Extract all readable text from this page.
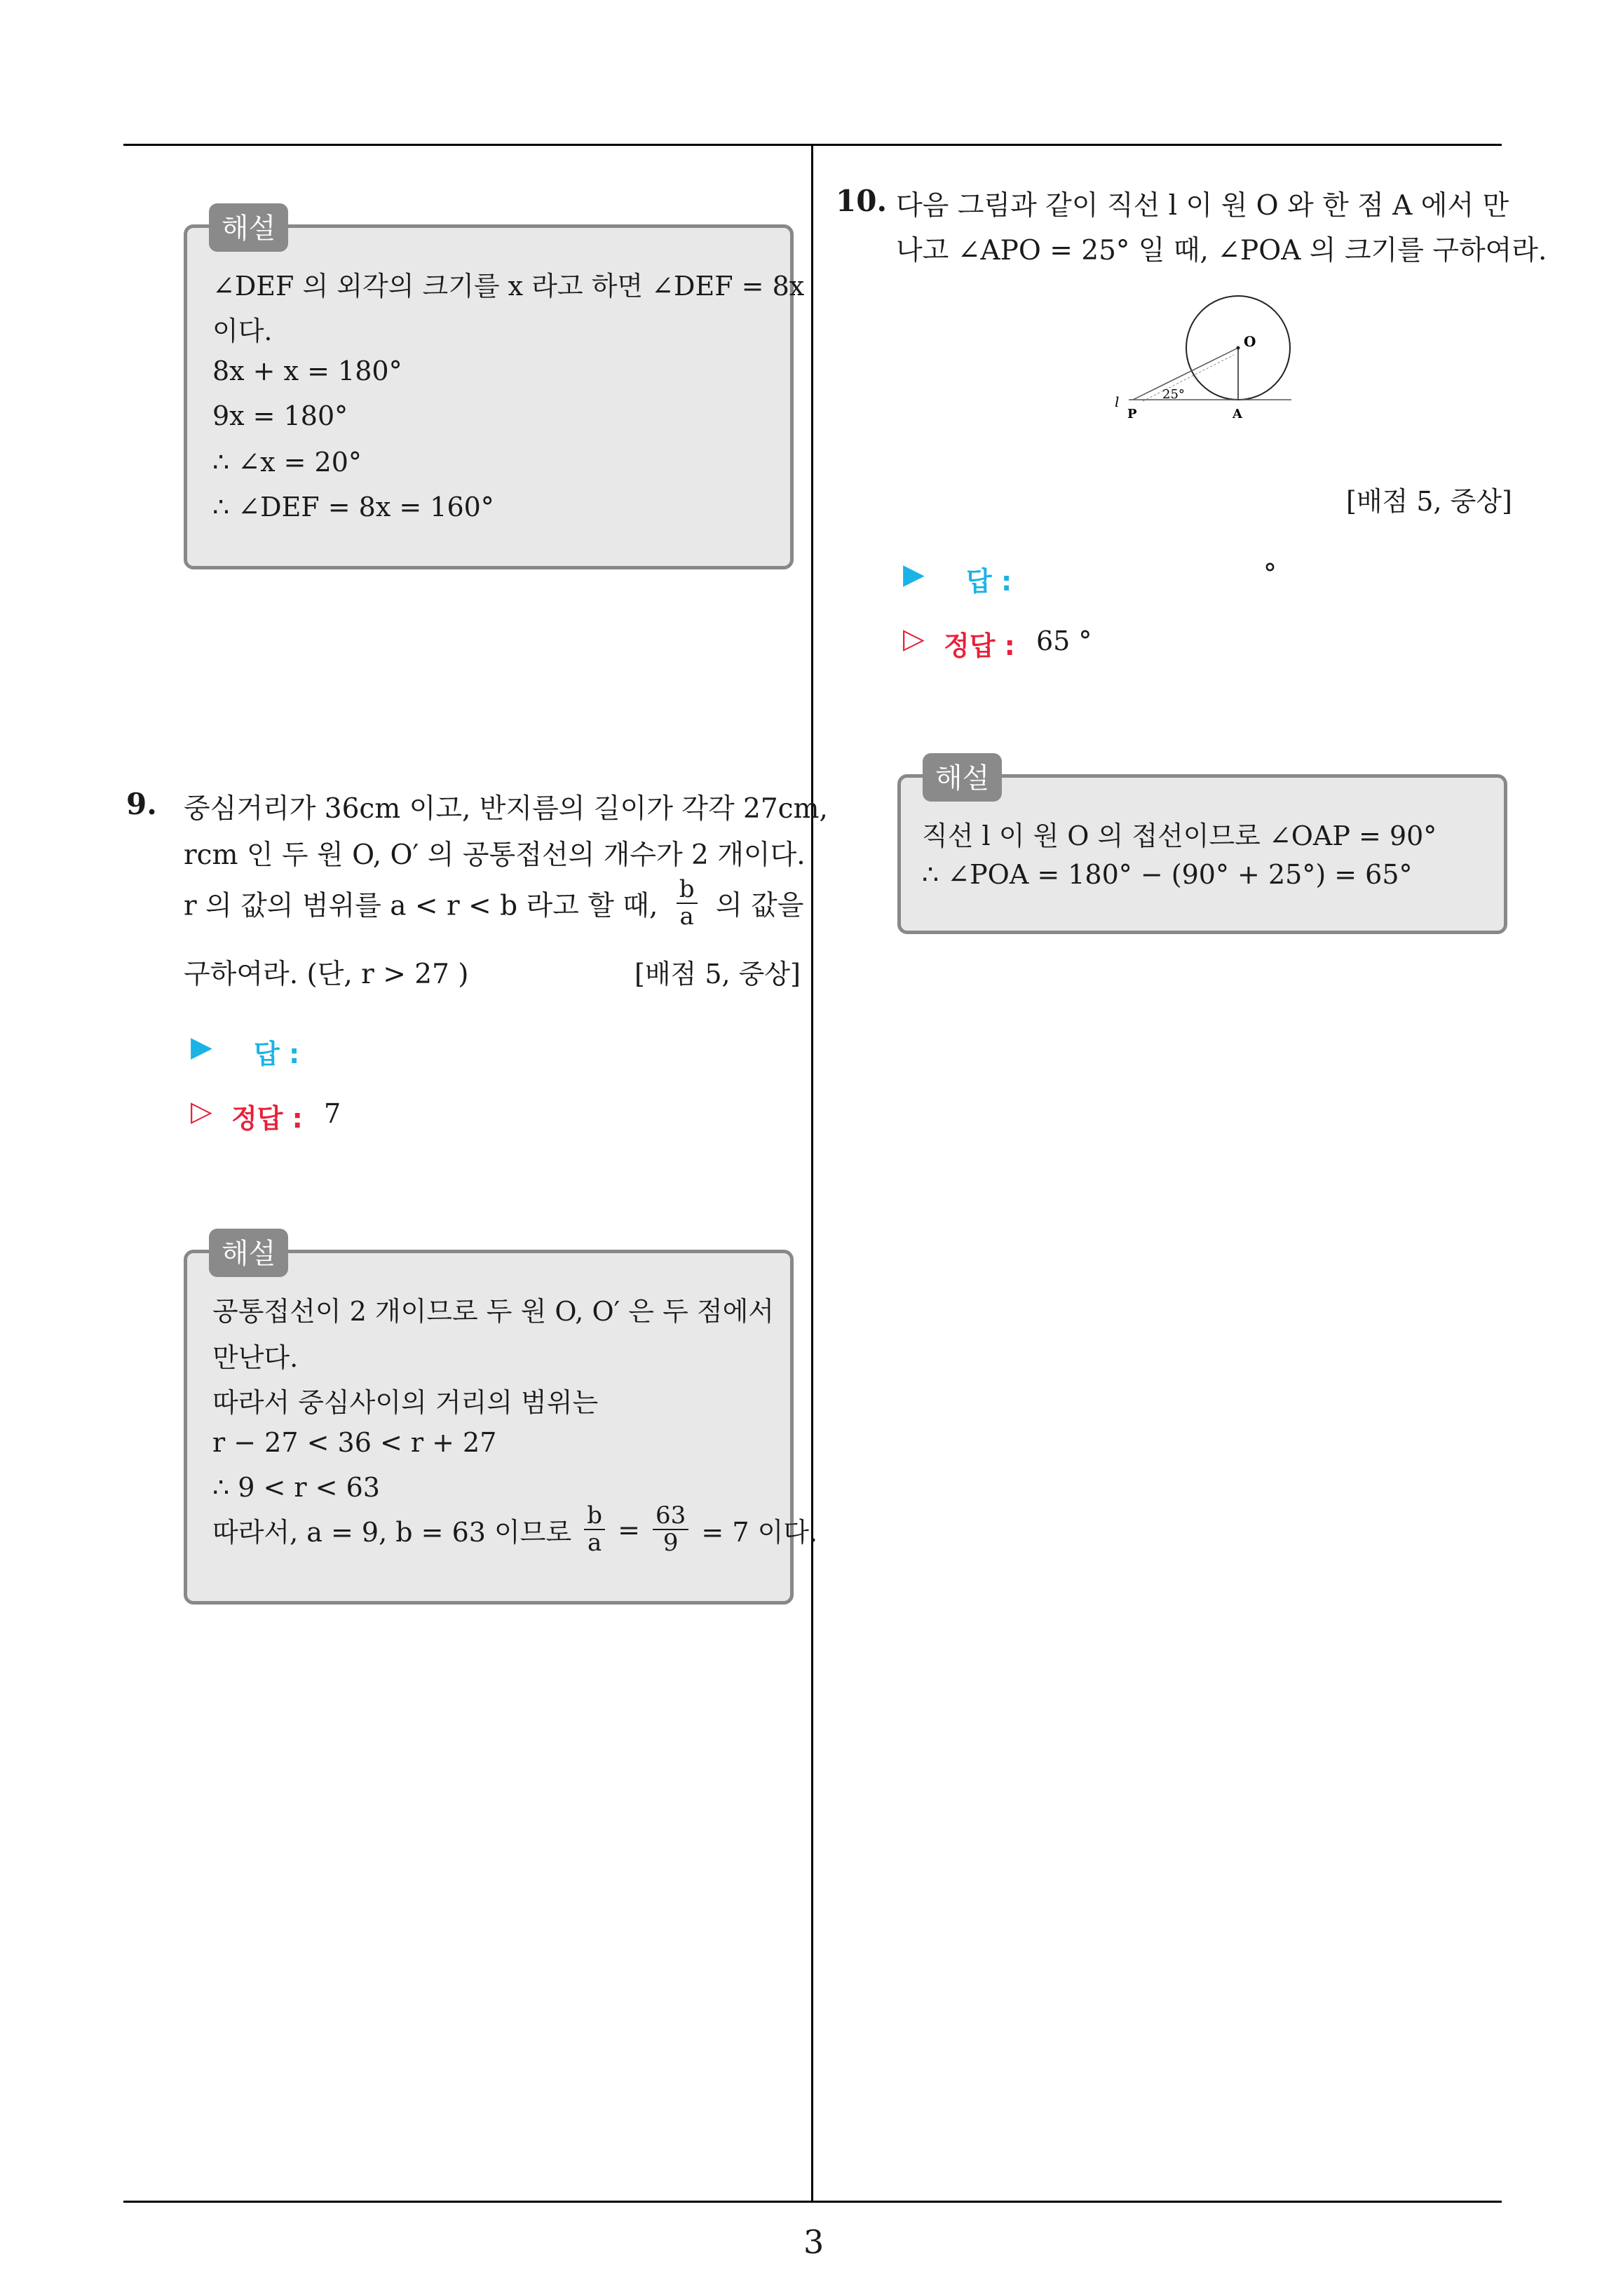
∠DEF 의 외각의 크기를 x 라고 하면 ∠DEF = 8x
이다.
8x + x = 180°
9x = 180°
∴ ∠x = 20°
∴ ∠DEF = 8x = 160°
해설
9. 중심거리가 36cm 이고, 반지름의 길이가 각각 27cm,
rcm 인 두 원 O, O′ 의 공통접선의 개수가 2 개이다.
r 의 값의 범위를 a < r < b 라고 할 때, $\frac{b}{a}$ 의 값을
구하여라. (단, r > 27 )	[배점 5, 중상]
▶ 답 :
▷ 정답 : 7
공통접선이 2 개이므로 두 원 O, O′ 은 두 점에서
만난다.
따라서 중심사이의 거리의 범위는
r − 27 < 36 < r + 27
∴ 9 < r < 63
따라서, a = 9, b = 63 이므로 $\frac{b}{a} = \frac{63}{9} = 7$ 이다.
해설
10. 다음 그림과 같이 직선 l 이 원 O 와 한 점 A 에서 만
나고 ∠APO = 25° 일 때, ∠POA 의 크기를 구하여라.
O
P	A
l	25°
[배점 5, 중상]
▶ 답 :	°
▷ 정답 : 65 °
직선 l 이 원 O 의 접선이므로 ∠OAP = 90°
∴ ∠POA = 180° − (90° + 25°) = 65°
해설
3
